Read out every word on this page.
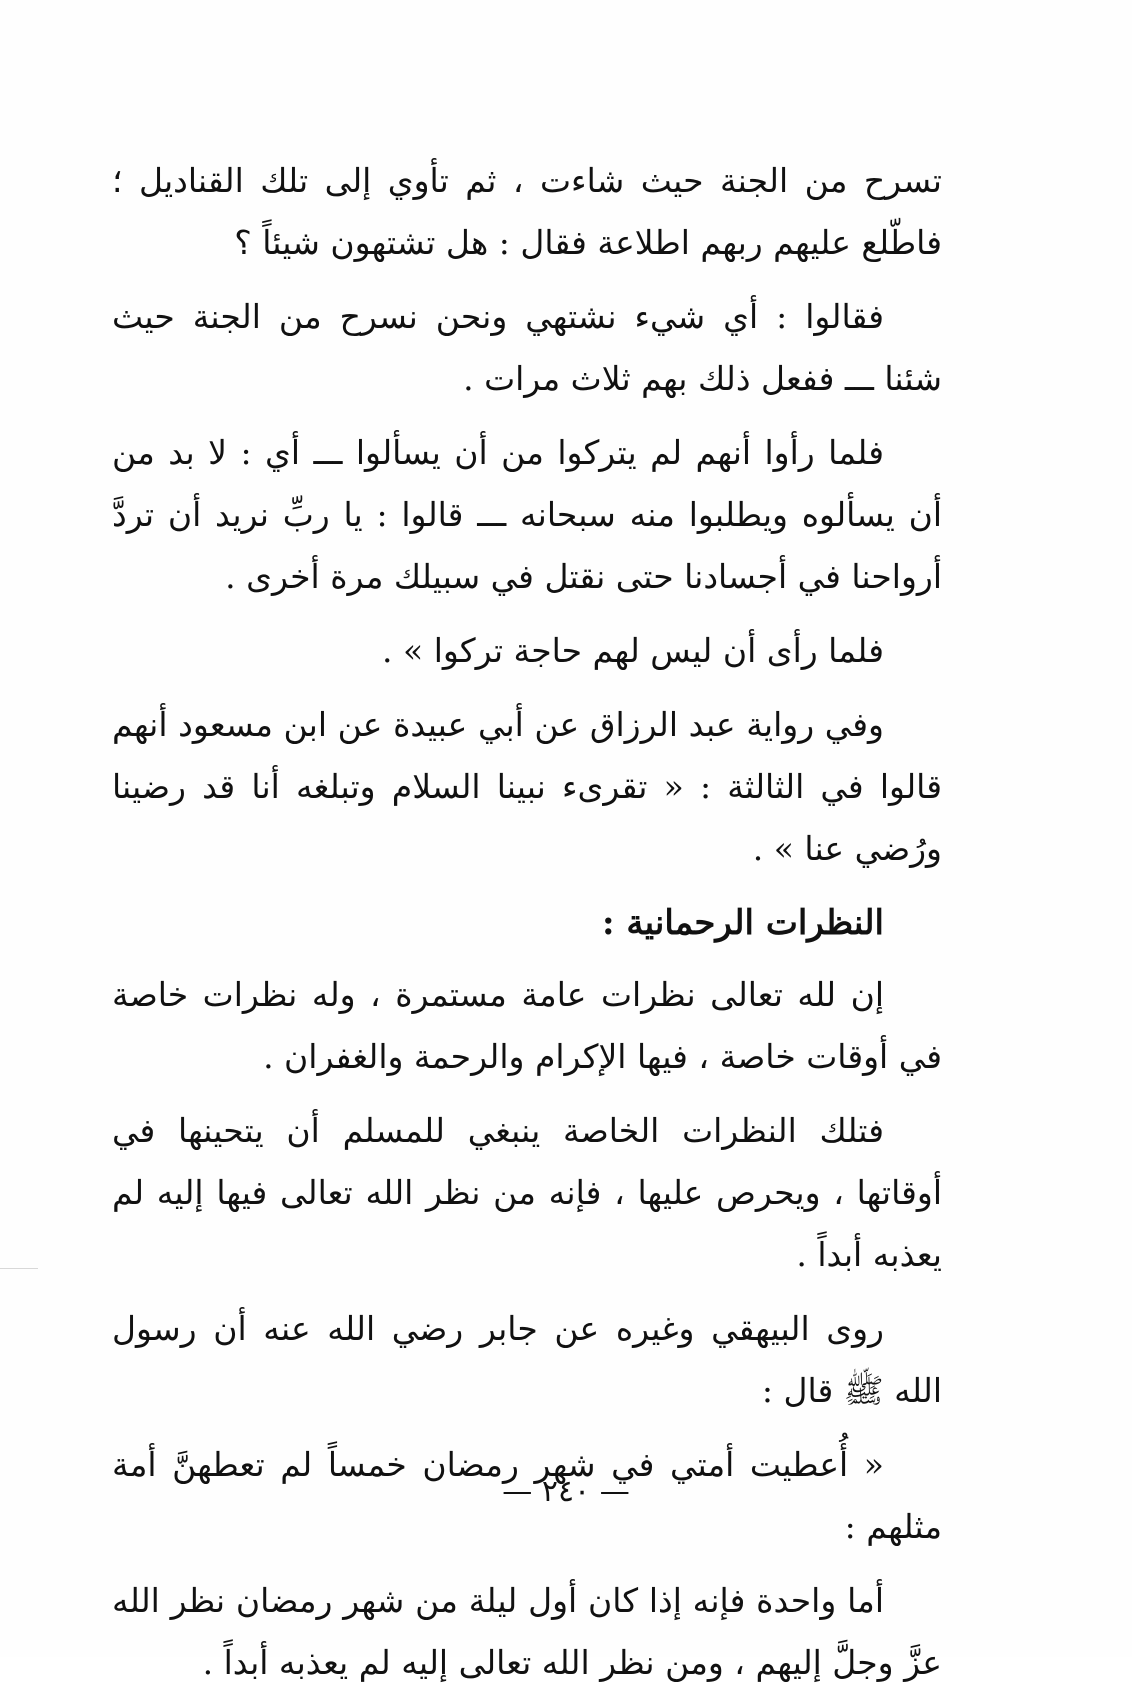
تسرح من الجنة حيث شاءت ، ثم تأوي إلى تلك القناديل ؛ فاطّلع عليهم ربهم اطلاعة فقال : هل تشتهون شيئاً ؟

فقالوا : أي شيء نشتهي ونحن نسرح من الجنة حيث شئنا ـــ ففعل ذلك بهم ثلاث مرات .

فلما رأوا أنهم لم يتركوا من أن يسألوا ـــ أي : لا بد من أن يسألوه ويطلبوا منه سبحانه ـــ قالوا : يا ربِّ نريد أن تردَّ أرواحنا في أجسادنا حتى نقتل في سبيلك مرة أخرى .

فلما رأى أن ليس لهم حاجة تركوا » .

وفي رواية عبد الرزاق عن أبي عبيدة عن ابن مسعود أنهم قالوا في الثالثة : « تقرىء نبينا السلام وتبلغه أنا قد رضينا ورُضي عنا » .

النظرات الرحمانية :

إن لله تعالى نظرات عامة مستمرة ، وله نظرات خاصة في أوقات خاصة ، فيها الإكرام والرحمة والغفران .

فتلك النظرات الخاصة ينبغي للمسلم أن يتحينها في أوقاتها ، ويحرص عليها ، فإنه من نظر الله تعالى فيها إليه لم يعذبه أبداً .

روى البيهقي وغيره عن جابر رضي الله عنه أن رسول الله ﷺ قال :

« أُعطيت أمتي في شهر رمضان خمساً لم تعطهنَّ أمة مثلهم :

أما واحدة فإنه إذا كان أول ليلة من شهر رمضان نظر الله عزَّ وجلَّ إليهم ، ومن نظر الله تعالى إليه لم يعذبه أبداً .

— ٢٤٠ —
